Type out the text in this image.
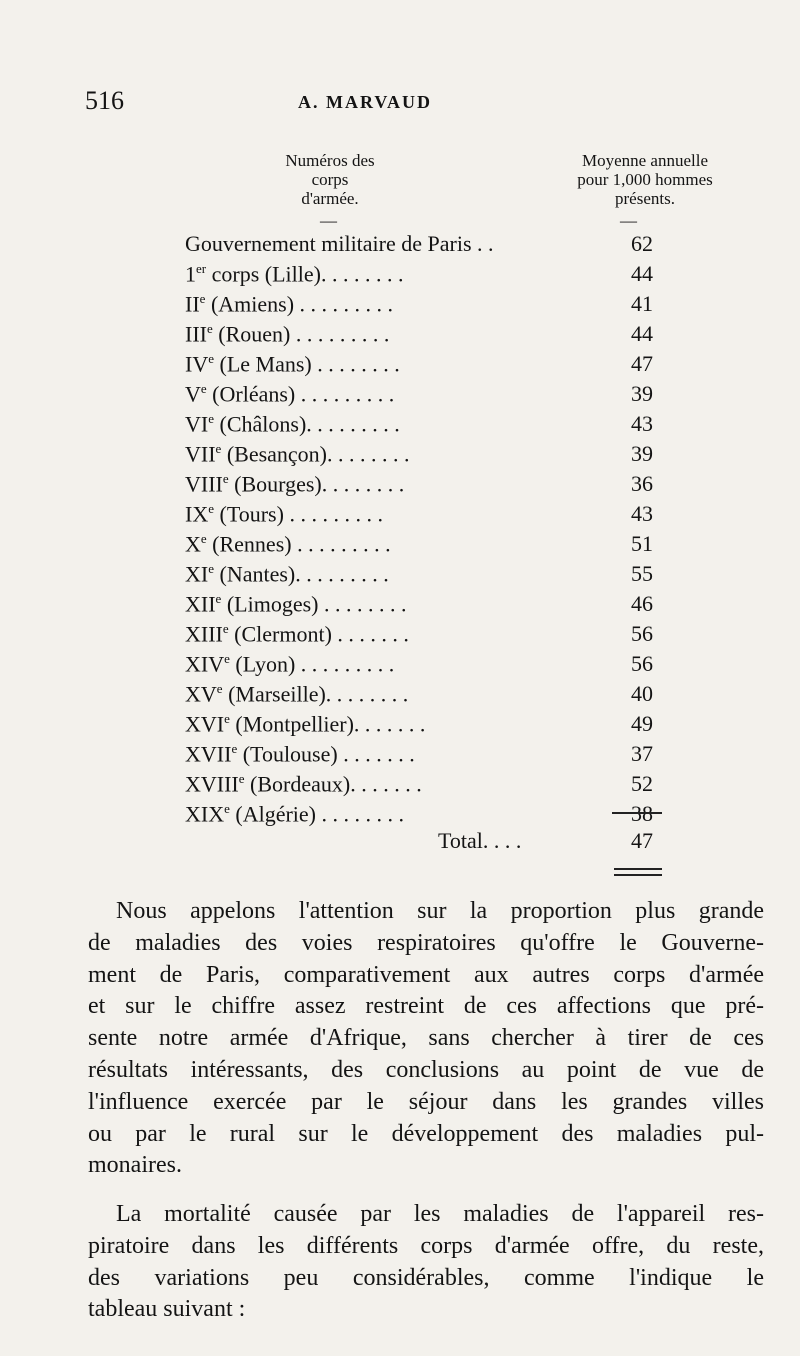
516	A. MARVAUD
Numéros des
corps
d'armée.
Moyenne annuelle
pour 1,000 hommes
présents.
—	—
Gouvernement militaire de Paris . .	62
1er corps (Lille). . . . . . . .	44
IIe (Amiens) . . . . . . . . .	41
IIIe (Rouen) . . . . . . . . .	44
IVe (Le Mans) . . . . . . . .	47
Ve (Orléans) . . . . . . . . .	39
VIe (Châlons). . . . . . . . .	43
VIIe (Besançon). . . . . . . .	39
VIIIe (Bourges). . . . . . . .	36
IXe (Tours) . . . . . . . . .	43
Xe (Rennes) . . . . . . . . .	51
XIe (Nantes). . . . . . . . .	55
XIIe (Limoges) . . . . . . . .	46
XIIIe (Clermont) . . . . . . .	56
XIVe (Lyon) . . . . . . . . .	56
XVe (Marseille). . . . . . . .	40
XVIe (Montpellier). . . . . . .	49
XVIIe (Toulouse) . . . . . . .	37
XVIIIe (Bordeaux). . . . . . .	52
XIXe (Algérie) . . . . . . . .	38
Total. . . .	47
Nous appelons l'attention sur la proportion plus grande
de maladies des voies respiratoires qu'offre le Gouverne-
ment de Paris, comparativement aux autres corps d'armée
et sur le chiffre assez restreint de ces affections que pré-
sente notre armée d'Afrique, sans chercher à tirer de ces
résultats intéressants, des conclusions au point de vue de
l'influence exercée par le séjour dans les grandes villes
ou par le rural sur le développement des maladies pul-
monaires.
La mortalité causée par les maladies de l'appareil res-
piratoire dans les différents corps d'armée offre, du reste,
des variations peu considérables, comme l'indique le
tableau suivant :
